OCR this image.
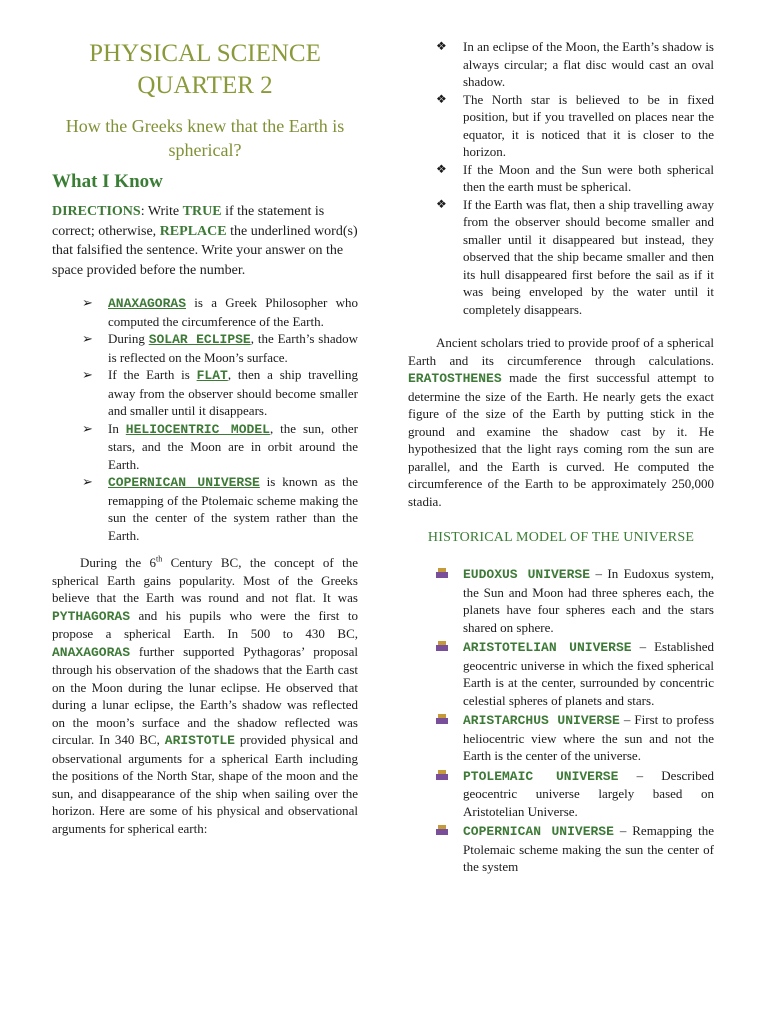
PHYSICAL SCIENCE
QUARTER 2
How the Greeks knew that the Earth is spherical?
What I Know
DIRECTIONS: Write TRUE if the statement is correct; otherwise, REPLACE the underlined word(s) that falsified the sentence. Write your answer on the space provided before the number.
➢ ANAXAGORAS is a Greek Philosopher who computed the circumference of the Earth.
➢ During SOLAR ECLIPSE, the Earth’s shadow is reflected on the Moon’s surface.
➢ If the Earth is FLAT, then a ship travelling away from the observer should become smaller and smaller until it disappears.
➢ In HELIOCENTRIC MODEL, the sun, other stars, and the Moon are in orbit around the Earth.
➢ COPERNICAN UNIVERSE is known as the remapping of the Ptolemaic scheme making the sun the center of the system rather than the Earth.
During the 6th Century BC, the concept of the spherical Earth gains popularity. Most of the Greeks believe that the Earth was round and not flat. It was PYTHAGORAS and his pupils who were the first to propose a spherical Earth. In 500 to 430 BC, ANAXAGORAS further supported Pythagoras’ proposal through his observation of the shadows that the Earth cast on the Moon during the lunar eclipse. He observed that during a lunar eclipse, the Earth’s shadow was reflected on the moon’s surface and the shadow reflected was circular. In 340 BC, ARISTOTLE provided physical and observational arguments for a spherical Earth including the positions of the North Star, shape of the moon and the sun, and disappearance of the ship when sailing over the horizon. Here are some of his physical and observational arguments for spherical earth:
❖ In an eclipse of the Moon, the Earth’s shadow is always circular; a flat disc would cast an oval shadow.
❖ The North star is believed to be in fixed position, but if you travelled on places near the equator, it is noticed that it is closer to the horizon.
❖ If the Moon and the Sun were both spherical then the earth must be spherical.
❖ If the Earth was flat, then a ship travelling away from the observer should become smaller and smaller until it disappeared but instead, they observed that the ship became smaller and then its hull disappeared first before the sail as if it was being enveloped by the water until it completely disappears.
Ancient scholars tried to provide proof of a spherical Earth and its circumference through calculations. ERATOSTHENES made the first successful attempt to determine the size of the Earth. He nearly gets the exact figure of the size of the Earth by putting stick in the ground and examine the shadow cast by it. He hypothesized that the light rays coming rom the sun are parallel, and the Earth is curved. He computed the circumference of the Earth to be approximately 250,000 stadia.
HISTORICAL MODEL OF THE UNIVERSE
EUDOXUS UNIVERSE – In Eudoxus system, the Sun and Moon had three spheres each, the planets have four spheres each and the stars shared on sphere.
ARISTOTELIAN UNIVERSE – Established geocentric universe in which the fixed spherical Earth is at the center, surrounded by concentric celestial spheres of planets and stars.
ARISTARCHUS UNIVERSE – First to profess heliocentric view where the sun and not the Earth is the center of the universe.
PTOLEMAIC UNIVERSE – Described geocentric universe largely based on Aristotelian Universe.
COPERNICAN UNIVERSE – Remapping the Ptolemaic scheme making the sun the center of the system
